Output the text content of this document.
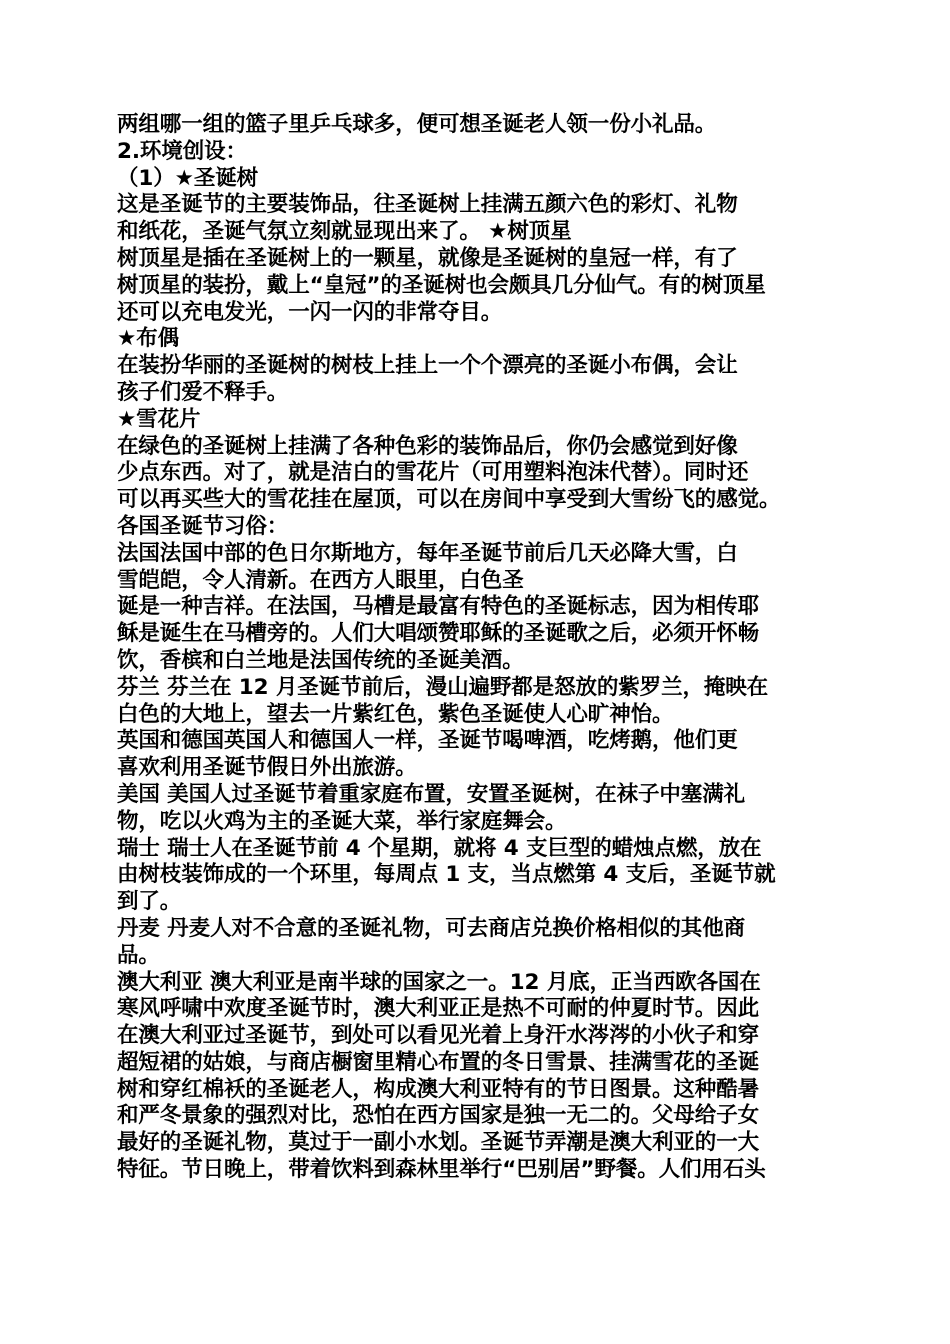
两组哪一组的篮子里乒乓球多，便可想圣诞老人领一份小礼品。
2.环境创设：
（1）★圣诞树
这是圣诞节的主要装饰品，往圣诞树上挂满五颜六色的彩灯、礼物
和纸花，圣诞气氛立刻就显现出来了。 ★树顶星
树顶星是插在圣诞树上的一颗星，就像是圣诞树的皇冠一样，有了
树顶星的装扮，戴上“皇冠”的圣诞树也会颇具几分仙气。有的树顶星
还可以充电发光，一闪一闪的非常夺目。
★布偶
在装扮华丽的圣诞树的树枝上挂上一个个漂亮的圣诞小布偶，会让
孩子们爱不释手。
★雪花片
在绿色的圣诞树上挂满了各种色彩的装饰品后，你仍会感觉到好像
少点东西。对了，就是洁白的雪花片（可用塑料泡沫代替）。同时还
可以再买些大的雪花挂在屋顶，可以在房间中享受到大雪纷飞的感觉。
各国圣诞节习俗：
法国法国中部的色日尔斯地方，每年圣诞节前后几天必降大雪，白
雪皑皑，令人清新。在西方人眼里，白色圣
诞是一种吉祥。在法国，马槽是最富有特色的圣诞标志，因为相传耶
稣是诞生在马槽旁的。人们大唱颂赞耶稣的圣诞歌之后，必须开怀畅
饮，香槟和白兰地是法国传统的圣诞美酒。
芬兰 芬兰在 12 月圣诞节前后，漫山遍野都是怒放的紫罗兰，掩映在
白色的大地上，望去一片紫红色，紫色圣诞使人心旷神怡。
英国和德国英国人和德国人一样，圣诞节喝啤酒，吃烤鹅，他们更
喜欢利用圣诞节假日外出旅游。
美国 美国人过圣诞节着重家庭布置，安置圣诞树，在袜子中塞满礼
物，吃以火鸡为主的圣诞大菜，举行家庭舞会。
瑞士 瑞士人在圣诞节前 4 个星期，就将 4 支巨型的蜡烛点燃，放在
由树枝装饰成的一个环里，每周点 1 支，当点燃第 4 支后，圣诞节就
到了。
丹麦 丹麦人对不合意的圣诞礼物，可去商店兑换价格相似的其他商
品。
澳大利亚 澳大利亚是南半球的国家之一。12 月底，正当西欧各国在
寒风呼啸中欢度圣诞节时，澳大利亚正是热不可耐的仲夏时节。因此
在澳大利亚过圣诞节，到处可以看见光着上身汗水涔涔的小伙子和穿
超短裙的姑娘，与商店橱窗里精心布置的冬日雪景、挂满雪花的圣诞
树和穿红棉袄的圣诞老人，构成澳大利亚特有的节日图景。这种酷暑
和严冬景象的强烈对比，恐怕在西方国家是独一无二的。父母给子女
最好的圣诞礼物，莫过于一副小水划。圣诞节弄潮是澳大利亚的一大
特征。节日晚上，带着饮料到森林里举行“巴别居”野餐。人们用石头
